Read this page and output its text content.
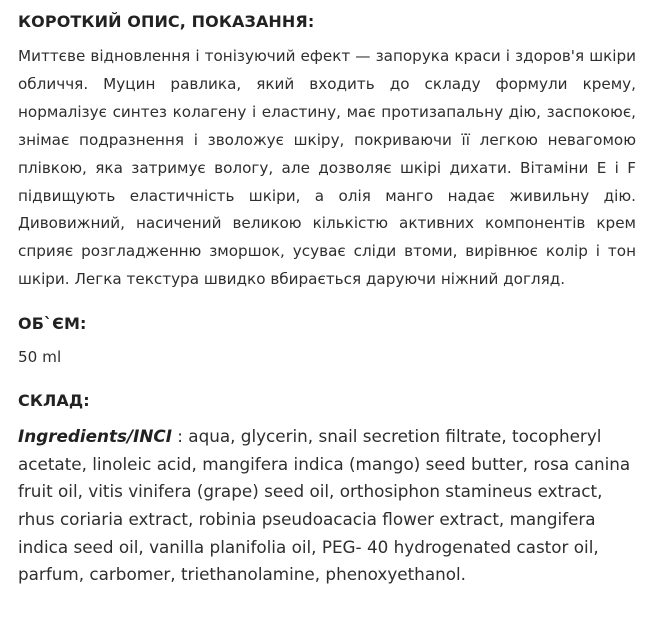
КОРОТКИЙ ОПИС, ПОКАЗАННЯ:

Миттєве відновлення і тонізуючий ефект — запорука краси і здоров'я шкіри обличчя. Муцин равлика, який входить до складу формули крему, нормалізує синтез колагену і еластину, має протизапальну дію, заспокоює, знімає подразнення і зволожує шкіру, покриваючи її легкою невагомою плівкою, яка затримує вологу, але дозволяє шкірі дихати. Вітаміни Е і F підвищують еластичність шкіри, а олія манго надає живильну дію. Дивовижний, насичений великою кількістю активних компонентів крем сприяє розгладженню зморшок, усуває сліди втоми, вирівнює колір і тон шкіри. Легка текстура швидко вбирається даруючи ніжний догляд.

ОБ`ЄМ:

50 ml

СКЛАД:

Ingredients/INCI : aqua, glycerin, snail secretion filtrate, tocopheryl acetate, linoleic acid, mangifera indica (mango) seed butter, rosa canina fruit oil, vitis vinifera (grape) seed oil, orthosiphon stamineus extract, rhus coriaria extract, robinia pseudoacacia flower extract, mangifera indica seed oil, vanilla planifolia oil, PEG- 40 hydrogenated castor oil, parfum, carbomer, triethanolamine, phenoxyethanol.
